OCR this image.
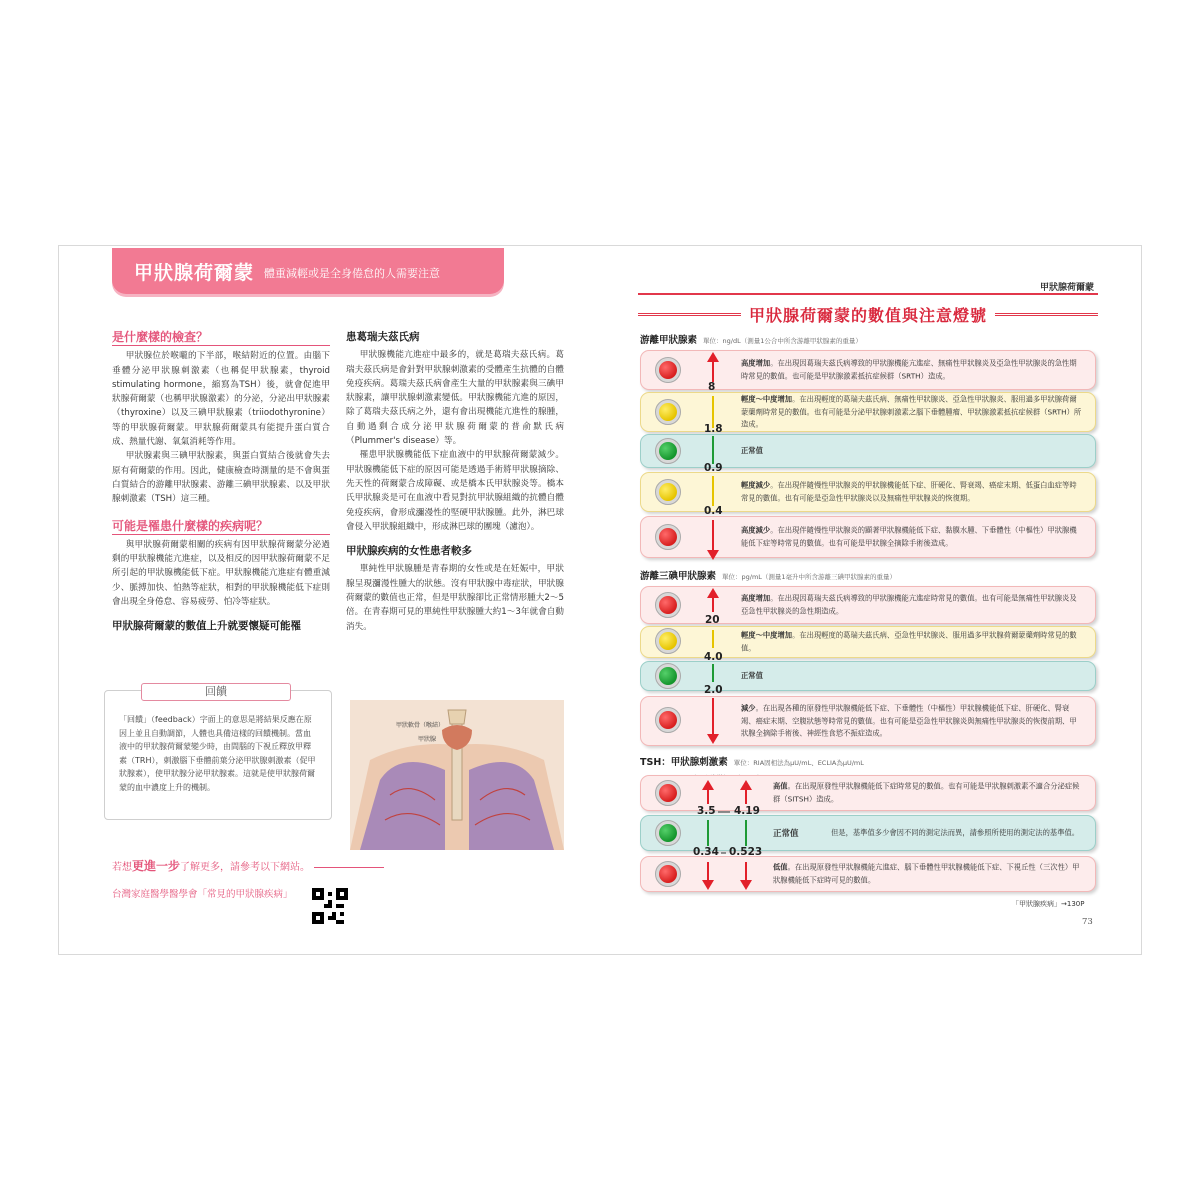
甲狀腺荷爾蒙 體重減輕或是全身倦怠的人需要注意
是什麼樣的檢查？

甲狀腺位於喉嚨的下半部，喉結附近的位置。由腦下垂體分泌甲狀腺刺激素（也稱促甲狀腺素，thyroid stimulating hormone，縮寫為TSH）後，就會促進甲狀腺荷爾蒙（也稱甲狀腺激素）的分泌，分泌出甲狀腺素（thyroxine）以及三碘甲狀腺素（triiodothyronine）等的甲狀腺荷爾蒙。甲狀腺荷爾蒙具有能提升蛋白質合成、熱量代謝、氧氣消耗等作用。

甲狀腺素與三碘甲狀腺素，與蛋白質結合後就會失去原有荷爾蒙的作用。因此，健康檢查時測量的是不會與蛋白質結合的游離甲狀腺素、游離三碘甲狀腺素、以及甲狀腺刺激素（TSH）這三種。

可能是罹患什麼樣的疾病呢？

與甲狀腺荷爾蒙相關的疾病有因甲狀腺荷爾蒙分泌過剩的甲狀腺機能亢進症，以及相反的因甲狀腺荷爾蒙不足所引起的甲狀腺機能低下症。甲狀腺機能亢進症有體重減少、脈搏加快、怕熱等症狀，相對的甲狀腺機能低下症則會出現全身倦怠、容易疲勞、怕冷等症狀。

甲狀腺荷爾蒙的數值上升就要懷疑可能罹
患葛瑞夫茲氏病

甲狀腺機能亢進症中最多的，就是葛瑞夫茲氏病。葛瑞夫茲氏病是會針對甲狀腺刺激素的受體產生抗體的自體免疫疾病。葛瑞夫茲氏病會產生大量的甲狀腺素與三碘甲狀腺素，讓甲狀腺刺激素變低。甲狀腺機能亢進的原因，除了葛瑞夫茲氏病之外，還有會出現機能亢進性的腺腫，自動過剩合成分泌甲狀腺荷爾蒙的普俞默氏病（Plummer's disease）等。

罹患甲狀腺機能低下症血液中的甲狀腺荷爾蒙減少。甲狀腺機能低下症的原因可能是透過手術將甲狀腺摘除、先天性的荷爾蒙合成障礙、或是橋本氏甲狀腺炎等。橋本氏甲狀腺炎是可在血液中看見對抗甲狀腺組織的抗體自體免疫疾病，會形成瀰漫性的堅硬甲狀腺腫。此外，淋巴球會侵入甲狀腺組織中，形成淋巴球的團塊（濾泡）。

甲狀腺疾病的女性患者較多

單純性甲狀腺腫是青春期的女性或是在妊娠中，甲狀腺呈現瀰漫性腫大的狀態。沒有甲狀腺中毒症狀，甲狀腺荷爾蒙的數值也正常，但是甲狀腺卻比正常情形腫大2～5倍。在青春期可見的單純性甲狀腺腫大約1～3年就會自動消失。

回饋
「回饋」（feedback）字面上的意思是將結果反應在原因上並且自動調節，人體也具備這樣的回饋機制。當血液中的甲狀腺荷爾蒙變少時，由間腦的下視丘釋放甲釋素（TRH），刺激腦下垂體前葉分泌甲狀腺刺激素（促甲狀腺素），使甲狀腺分泌甲狀腺素。這就是使甲狀腺荷爾蒙的血中濃度上升的機制。
甲狀軟骨（喉結）
甲狀腺
若想更進一步了解更多，請參考以下網站。
台灣家庭醫學醫學會「常見的甲狀腺疾病」
甲狀腺荷爾蒙
甲狀腺荷爾蒙的數值與注意燈號
游離甲狀腺素 單位：ng/dL（測量1公合中所含游離甲狀腺素的重量）
高度增加。在出現因葛瑞夫茲氏病導致的甲狀腺機能亢進症、無痛性甲狀腺炎及亞急性甲狀腺炎的急性期時常見的數值。也可能是甲狀腺激素抵抗症候群（SRTH）造成。
輕度～中度增加。在出現輕度的葛瑞夫茲氏病、無痛性甲狀腺炎、亞急性甲狀腺炎、服用過多甲狀腺荷爾蒙藥劑時常見的數值。也有可能是分泌甲狀腺刺激素之腦下垂體腫瘤、甲狀腺激素抵抗症候群（SRTH）所造成。
正常值
輕度減少。在出現伴隨慢性甲狀腺炎的甲狀腺機能低下症、肝硬化、腎衰竭、癌症末期、低蛋白血症等時常見的數值。也有可能是亞急性甲狀腺炎以及無痛性甲狀腺炎的恢復期。
高度減少。在出現伴隨慢性甲狀腺炎的顯著甲狀腺機能低下症、黏膜水腫、下垂體性（中樞性）甲狀腺機能低下症等時常見的數值。也有可能是甲狀腺全摘除手術後造成。
8
1.8
0.9
0.4
游離三碘甲狀腺素 單位：pg/mL（測量1毫升中所含游離三碘甲狀腺素的重量）
高度增加。在出現因葛瑞夫茲氏病導致的甲狀腺機能亢進症時常見的數值。也有可能是無痛性甲狀腺炎及亞急性甲狀腺炎的急性期造成。
輕度～中度增加。在出現輕度的葛瑞夫茲氏病、亞急性甲狀腺炎、服用過多甲狀腺荷爾蒙藥劑時常見的數值。
正常值
減少。在出現各種的原發性甲狀腺機能低下症、下垂體性（中樞性）甲狀腺機能低下症、肝硬化、腎衰竭、癌症末期、空腹狀態等時常見的數值。也有可能是亞急性甲狀腺炎與無痛性甲狀腺炎的恢復前期、甲狀腺全摘除手術後、神經性食慾不振症造成。
20
4.0
2.0
TSH：甲狀腺刺激素 單位：RIA固相法為μU/mL、ECLIA為μU/mL
高值。在出現原發性甲狀腺機能低下症時常見的數值。也有可能是甲狀腺刺激素不適合分泌症候群（SITSH）造成。
正常值	但是，基準值多少會因不同的測定法而異，請參照所使用的測定法的基準值。
低值。在出現原發性甲狀腺機能亢進症、腦下垂體性甲狀腺機能低下症、下視丘性（三次性）甲狀腺機能低下症時可見的數值。
3.5 4.19
0.34 0.523
「甲狀腺疾病」→130P
73
